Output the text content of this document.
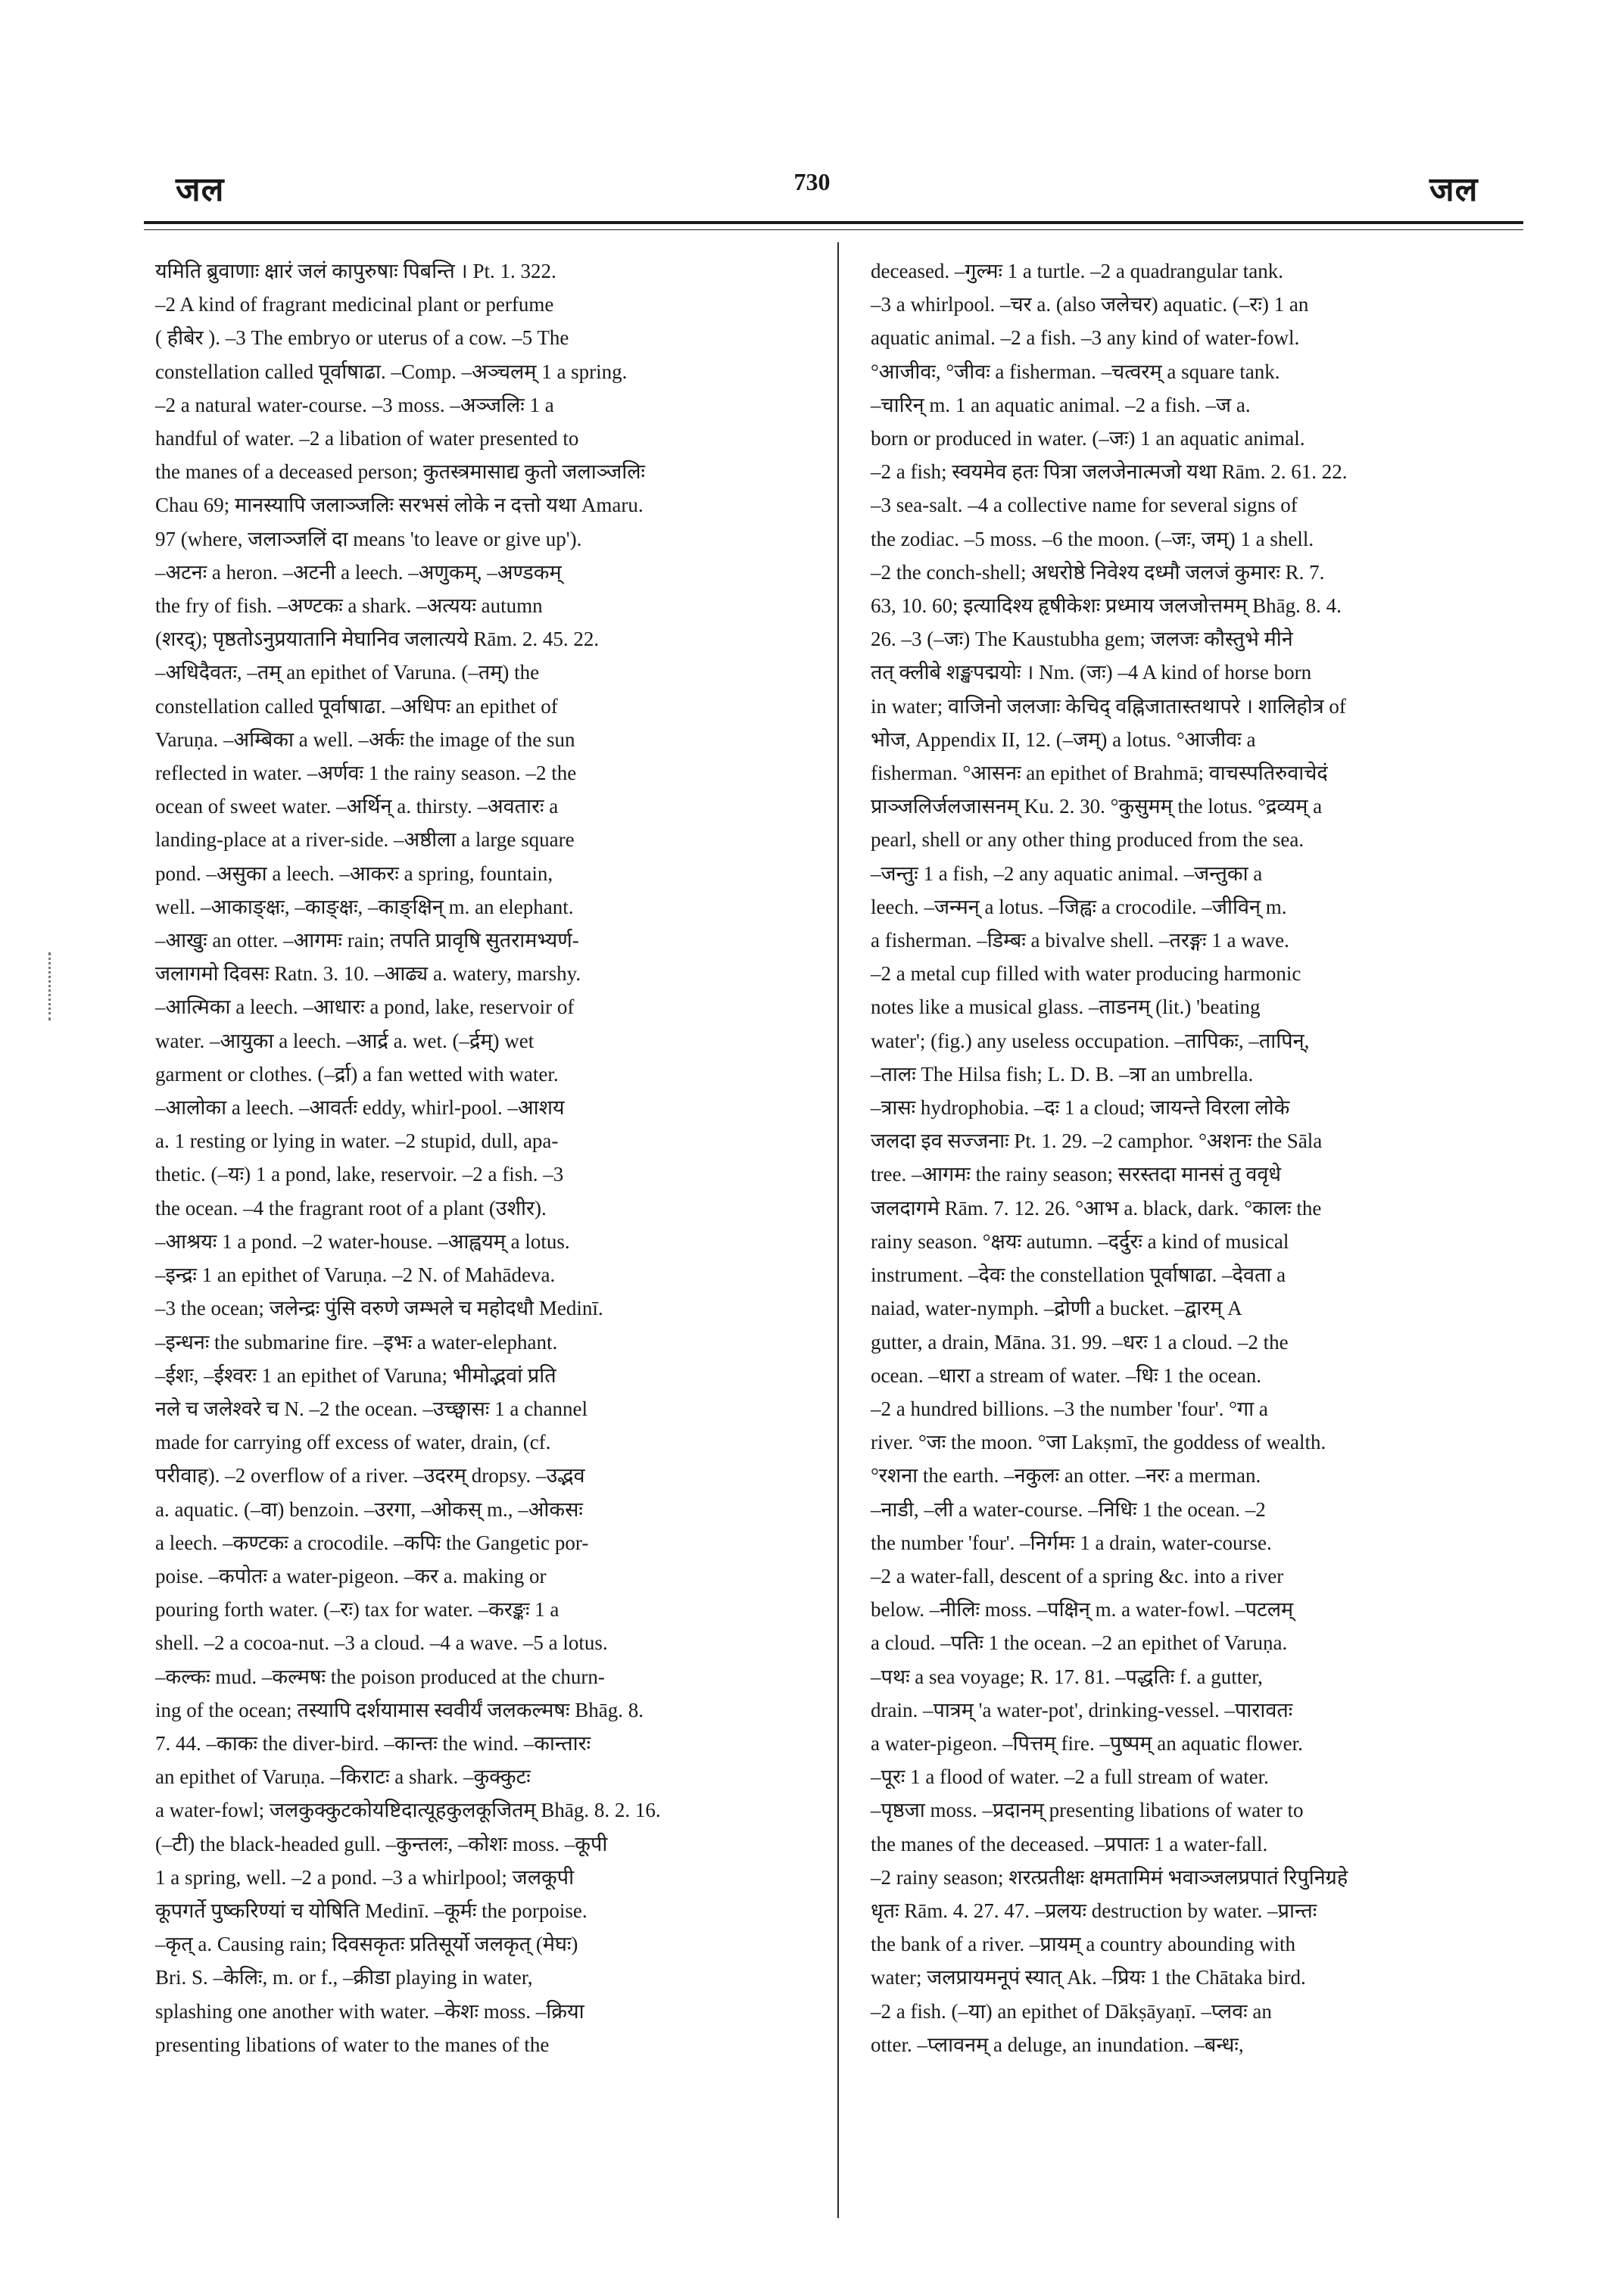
जल	730	जल

यमिति ब्रुवाणाः क्षारं जलं कापुरुषाः पिबन्ति । Pt. 1. 322.

–2 A kind of fragrant medicinal plant or perfume

( हीबेर ). –3 The embryo or uterus of a cow. –5 The

constellation called पूर्वाषाढा. –Comp. –अञ्चलम् 1 a spring.

–2 a natural water-course. –3 moss. –अञ्जलिः 1 a

handful of water. –2 a libation of water presented to

the manes of a deceased person; कुतस्त्रमासाद्य कुतो जलाञ्जलिः

Chau 69; मानस्यापि जलाञ्जलिः सरभसं लोके न दत्तो यथा Amaru.

97 (where, जलाञ्जलिं दा means 'to leave or give up').

–अटनः a heron. –अटनी a leech. –अणुकम्, –अण्डकम्

the fry of fish. –अण्टकः a shark. –अत्ययः autumn

(शरद्); पृष्ठतोऽनुप्रयातानि मेघानिव जलात्यये Rām. 2. 45. 22.

–अधिदैवतः, –तम् an epithet of Varuna. (–तम्) the

constellation called पूर्वाषाढा. –अधिपः an epithet of

Varuṇa. –अम्बिका a well. –अर्कः the image of the sun

reflected in water. –अर्णवः 1 the rainy season. –2 the

ocean of sweet water. –अर्थिन् a. thirsty. –अवतारः a

landing-place at a river-side. –अष्ठीला a large square

pond. –असुका a leech. –आकरः a spring, fountain,

well. –आकाङ्क्षः, –काङ्क्षः, –काङ्क्षिन् m. an elephant.

–आखुः an otter. –आगमः rain; तपति प्रावृषि सुतरामभ्यर्ण-

जलागमो दिवसः Ratn. 3. 10. –आढ्य a. watery, marshy.

–आत्मिका a leech. –आधारः a pond, lake, reservoir of

water. –आयुका a leech. –आर्द्र a. wet. (–र्द्रम्) wet

garment or clothes. (–र्द्रा) a fan wetted with water.

–आलोका a leech. –आवर्तः eddy, whirl-pool. –आशय

a. 1 resting or lying in water. –2 stupid, dull, apa-

thetic. (–यः) 1 a pond, lake, reservoir. –2 a fish. –3

the ocean. –4 the fragrant root of a plant (उशीर).

–आश्रयः 1 a pond. –2 water-house. –आह्वयम् a lotus.

–इन्द्रः 1 an epithet of Varuṇa. –2 N. of Mahādeva.

–3 the ocean; जलेन्द्रः पुंसि वरुणे जम्भले च महोदधौ Medinī.

–इन्धनः the submarine fire. –इभः a water-elephant.

–ईशः, –ईश्वरः 1 an epithet of Varuna; भीमोद्भवां प्रति

नले च जलेश्वरे च N. –2 the ocean. –उच्छ्वासः 1 a channel

made for carrying off excess of water, drain, (cf.

परीवाह). –2 overflow of a river. –उदरम् dropsy. –उद्भव

a. aquatic. (–वा) benzoin. –उरगा, –ओकस् m., –ओकसः

a leech. –कण्टकः a crocodile. –कपिः the Gangetic por-

poise. –कपोतः a water-pigeon. –कर a. making or

pouring forth water. (–रः) tax for water. –करङ्कः 1 a

shell. –2 a cocoa-nut. –3 a cloud. –4 a wave. –5 a lotus.

–कल्कः mud. –कल्मषः the poison produced at the churn-

ing of the ocean; तस्यापि दर्शयामास स्ववीर्यं जलकल्मषः Bhāg. 8.

7. 44. –काकः the diver-bird. –कान्तः the wind. –कान्तारः

an epithet of Varuṇa. –किराटः a shark. –कुक्कुटः

a water-fowl; जलकुक्कुटकोयष्टिदात्यूहकुलकूजितम् Bhāg. 8. 2. 16.

(–टी) the black-headed gull. –कुन्तलः, –कोशः moss. –कूपी

1 a spring, well. –2 a pond. –3 a whirlpool; जलकूपी

कूपगर्ते पुष्करिण्यां च योषिति Medinī. –कूर्मः the porpoise.

–कृत् a. Causing rain; दिवसकृतः प्रतिसूर्यो जलकृत् (मेघः)

Bri. S. –केलिः, m. or f., –क्रीडा playing in water,

splashing one another with water. –केशः moss. –क्रिया

presenting libations of water to the manes of the

deceased. –गुल्मः 1 a turtle. –2 a quadrangular tank.

–3 a whirlpool. –चर a. (also जलेचर) aquatic. (–रः) 1 an

aquatic animal. –2 a fish. –3 any kind of water-fowl.

°आजीवः, °जीवः a fisherman. –चत्वरम् a square tank.

–चारिन् m. 1 an aquatic animal. –2 a fish. –ज a.

born or produced in water. (–जः) 1 an aquatic animal.

–2 a fish; स्वयमेव हतः पित्रा जलजेनात्मजो यथा Rām. 2. 61. 22.

–3 sea-salt. –4 a collective name for several signs of

the zodiac. –5 moss. –6 the moon. (–जः, जम्) 1 a shell.

–2 the conch-shell; अधरोष्ठे निवेश्य दध्मौ जलजं कुमारः R. 7.

63, 10. 60; इत्यादिश्य हृषीकेशः प्रध्माय जलजोत्तमम् Bhāg. 8. 4.

26. –3 (–जः) The Kaustubha gem; जलजः कौस्तुभे मीने

तत् क्लीबे शङ्खपद्मयोः । Nm. (जः) –4 A kind of horse born

in water; वाजिनो जलजाः केचिद् वह्निजातास्तथापरे । शालिहोत्र of

भोज, Appendix II, 12. (–जम्) a lotus. °आजीवः a

fisherman. °आसनः an epithet of Brahmā; वाचस्पतिरुवाचेदं

प्राञ्जलिर्जलजासनम् Ku. 2. 30. °कुसुमम् the lotus. °द्रव्यम् a

pearl, shell or any other thing produced from the sea.

–जन्तुः 1 a fish, –2 any aquatic animal. –जन्तुका a

leech. –जन्मन् a lotus. –जिह्वः a crocodile. –जीविन् m.

a fisherman. –डिम्बः a bivalve shell. –तरङ्गः 1 a wave.

–2 a metal cup filled with water producing harmonic

notes like a musical glass. –ताडनम् (lit.) 'beating

water'; (fig.) any useless occupation. –तापिकः, –तापिन्,

–तालः The Hilsa fish; L. D. B. –त्रा an umbrella.

–त्रासः hydrophobia. –दः 1 a cloud; जायन्ते विरला लोके

जलदा इव सज्जनाः Pt. 1. 29. –2 camphor. °अशनः the Sāla

tree. –आगमः the rainy season; सरस्तदा मानसं तु ववृधे

जलदागमे Rām. 7. 12. 26. °आभ a. black, dark. °कालः the

rainy season. °क्षयः autumn. –दर्दुरः a kind of musical

instrument. –देवः the constellation पूर्वाषाढा. –देवता a

naiad, water-nymph. –द्रोणी a bucket. –द्वारम् A

gutter, a drain, Māna. 31. 99. –धरः 1 a cloud. –2 the

ocean. –धारा a stream of water. –धिः 1 the ocean.

–2 a hundred billions. –3 the number 'four'. °गा a

river. °जः the moon. °जा Lakṣmī, the goddess of wealth.

°रशना the earth. –नकुलः an otter. –नरः a merman.

–नाडी, –ली a water-course. –निधिः 1 the ocean. –2

the number 'four'. –निर्गमः 1 a drain, water-course.

–2 a water-fall, descent of a spring &c. into a river

below. –नीलिः moss. –पक्षिन् m. a water-fowl. –पटलम्

a cloud. –पतिः 1 the ocean. –2 an epithet of Varuṇa.

–पथः a sea voyage; R. 17. 81. –पद्धतिः f. a gutter,

drain. –पात्रम् 'a water-pot', drinking-vessel. –पारावतः

a water-pigeon. –पित्तम् fire. –पुष्पम् an aquatic flower.

–पूरः 1 a flood of water. –2 a full stream of water.

–पृष्ठजा moss. –प्रदानम् presenting libations of water to

the manes of the deceased. –प्रपातः 1 a water-fall.

–2 rainy season; शरत्प्रतीक्षः क्षमतामिमं भवाञ्जलप्रपातं रिपुनिग्रहे

धृतः Rām. 4. 27. 47. –प्रलयः destruction by water. –प्रान्तः

the bank of a river. –प्रायम् a country abounding with

water; जलप्रायमनूपं स्यात् Ak. –प्रियः 1 the Chātaka bird.

–2 a fish. (–या) an epithet of Dākṣāyaṇī. –प्लवः an

otter. –प्लावनम् a deluge, an inundation. –बन्धः,
